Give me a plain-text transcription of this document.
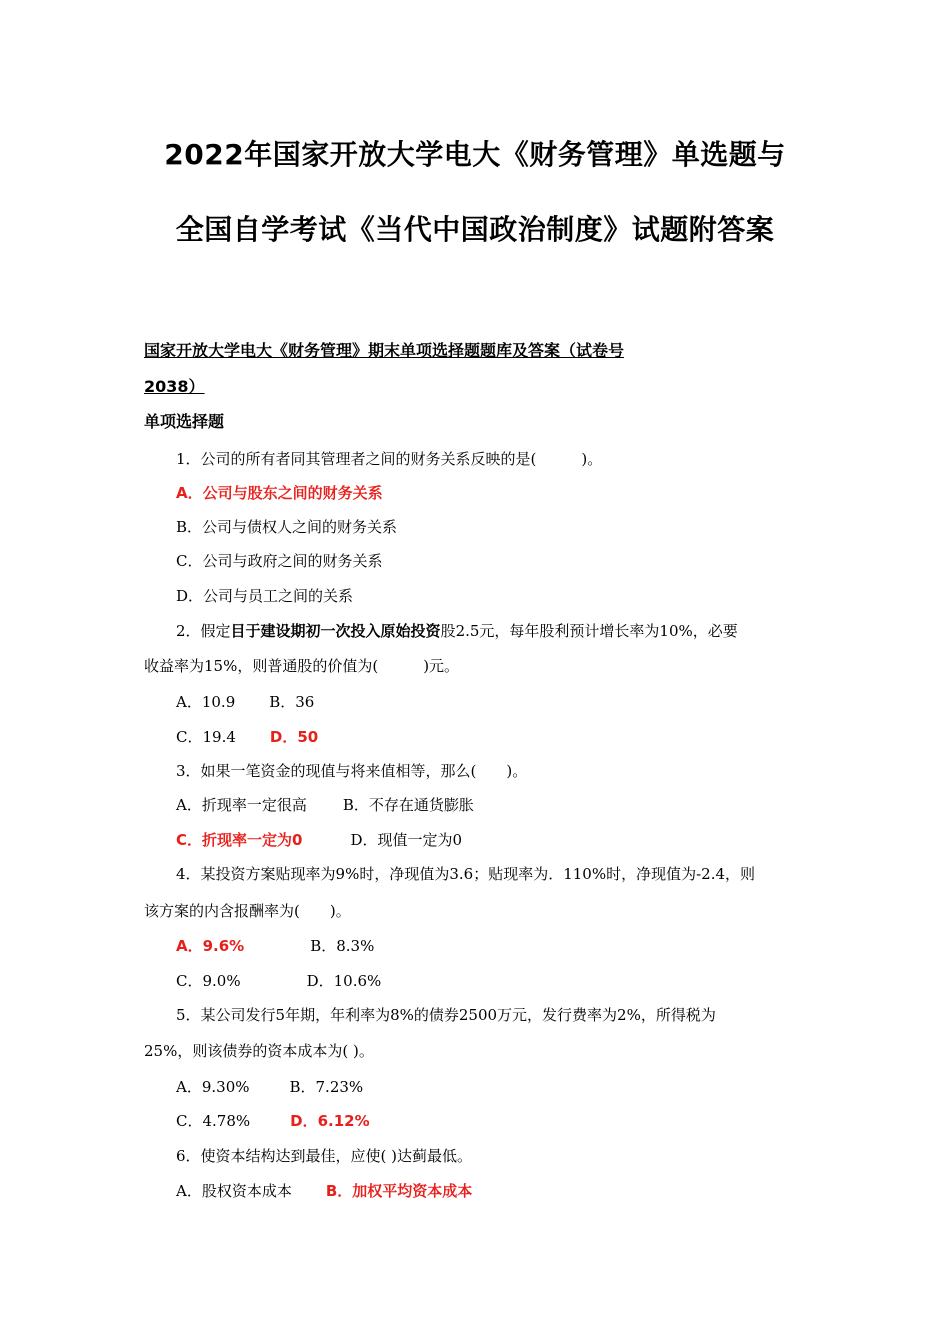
2022年国家开放大学电大《财务管理》单选题与
全国自学考试《当代中国政治制度》试题附答案
国家开放大学电大《财务管理》期末单项选择题题库及答案（试卷号
2038）
单项选择题
1．公司的所有者同其管理者之间的财务关系反映的是(　　　)。
A．公司与股东之间的财务关系
B．公司与债权人之间的财务关系
C．公司与政府之间的财务关系
D．公司与员工之间的关系
2．假定目于建设期初一次投入原始投资股2.5元，每年股利预计增长率为10%，必要
收益率为15%，则普通股的价值为(　　　)元。
A．10.9 B．36
C．19.4 D．50
3．如果一笔资金的现值与将来值相等，那么(　　)。
A．折现率一定很高 B．不存在通货膨胀
C．折现率一定为0	D．现值一定为0
4．某投资方案贴现率为9%时，净现值为3.6；贴现率为．110%时，净现值为-2.4，则
该方案的内含报酬率为(　　)。
A．9.6%	B．8.3%
C．9.0%	D．10.6%
5．某公司发行5年期，年利率为8%的债券2500万元，发行费率为2%，所得税为
25%，则该债券的资本成本为( )。
A．9.30%	B．7.23%
C．4.78%	D．6.12%
6．使资本结构达到最佳，应使( )达蓟最低。
A．股权资本成本 B．加权平均资本成本
